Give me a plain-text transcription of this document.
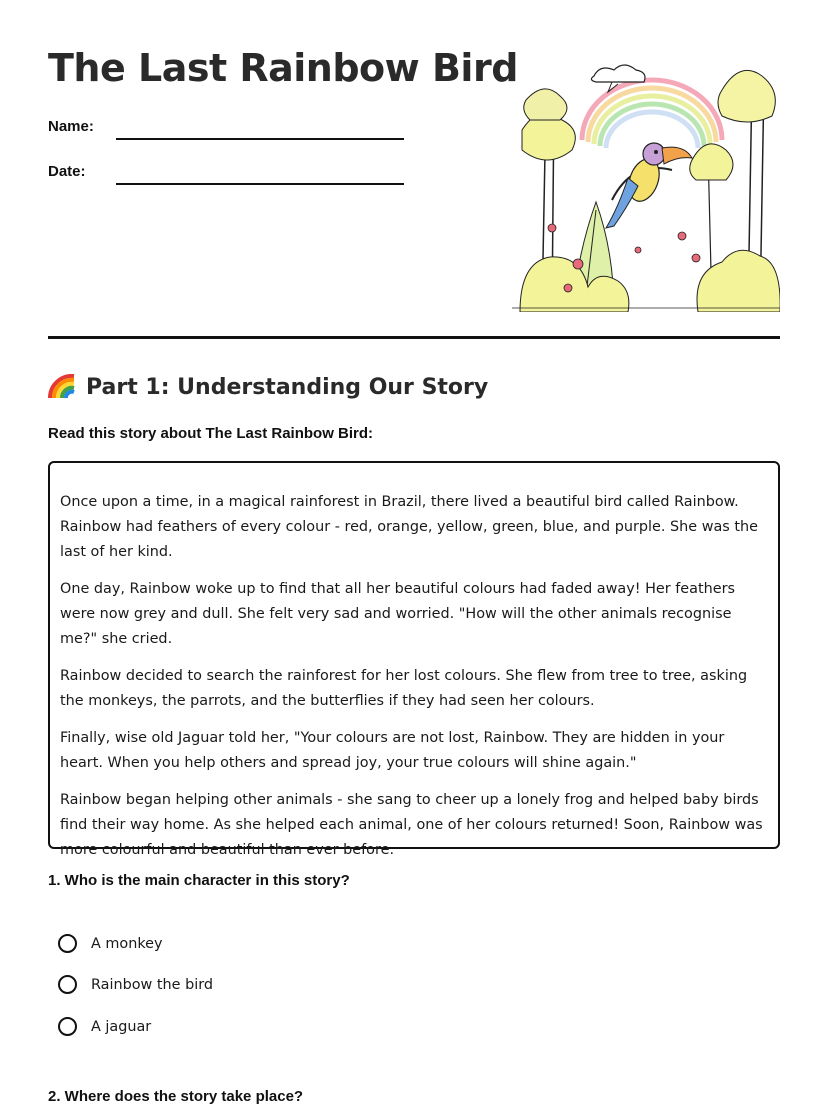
The Last Rainbow Bird
Name:
Date:
Part 1: Understanding Our Story
Read this story about The Last Rainbow Bird:

Once upon a time, in a magical rainforest in Brazil, there lived a beautiful bird called Rainbow. Rainbow had feathers of every colour - red, orange, yellow, green, blue, and purple. She was the last of her kind.

One day, Rainbow woke up to find that all her beautiful colours had faded away! Her feathers were now grey and dull. She felt very sad and worried. "How will the other animals recognise me?" she cried.

Rainbow decided to search the rainforest for her lost colours. She flew from tree to tree, asking the monkeys, the parrots, and the butterflies if they had seen her colours.

Finally, wise old Jaguar told her, "Your colours are not lost, Rainbow. They are hidden in your heart. When you help others and spread joy, your true colours will shine again."

Rainbow began helping other animals - she sang to cheer up a lonely frog and helped baby birds find their way home. As she helped each animal, one of her colours returned! Soon, Rainbow was more colourful and beautiful than ever before.

1. Who is the main character in this story?
A monkey
Rainbow the bird
A jaguar
2. Where does the story take place?
